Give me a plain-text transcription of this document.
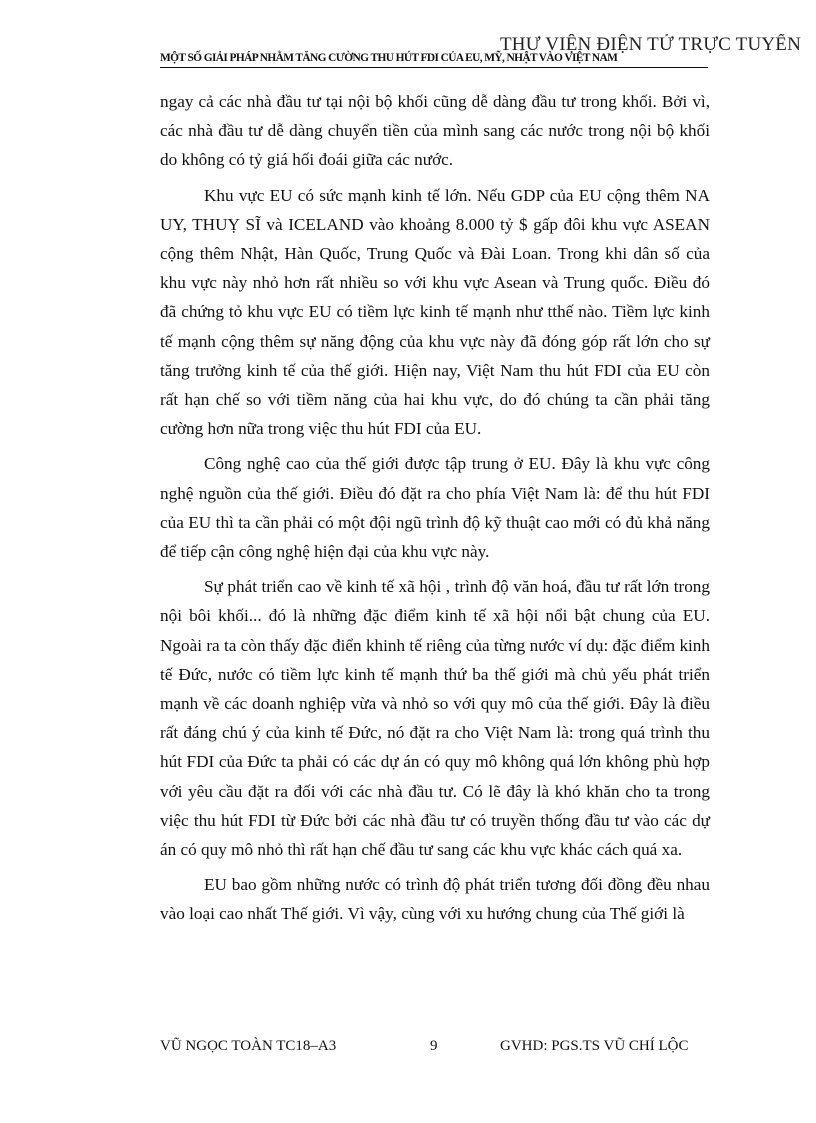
THƯ VIỆN ĐIỆN TỬ TRỰC TUYẾN
MỘT SỐ GIẢI PHÁP NHẰM TĂNG CƯỜNG THU HÚT FDI CỦA EU, MỸ, NHẬT VÀO VIỆT NAM

ngay cả các nhà đầu tư tại nội bộ khối cũng dễ dàng đầu tư trong khối. Bởi vì, các nhà đầu tư dễ dàng chuyển tiền của mình sang các nước trong nội bộ khối do không có tỷ giá hối đoái giữa các nước.

Khu vực EU có sức mạnh kinh tế lớn. Nếu GDP của EU cộng thêm NA UY, THUỴ SĨ và ICELAND vào khoảng 8.000 tỷ $ gấp đôi khu vực ASEAN cộng thêm Nhật, Hàn Quốc, Trung Quốc và Đài Loan. Trong khi dân số của khu vực này nhỏ hơn rất nhiều so với khu vực Asean và Trung quốc. Điều đó đã chứng tỏ khu vực EU có tiềm lực kinh tế mạnh như tthế nào. Tiềm lực kinh tế mạnh cộng thêm sự năng động của khu vực này đã đóng góp rất lớn cho sự tăng trưởng kinh tế của thế giới. Hiện nay, Việt Nam thu hút FDI của EU còn rất hạn chế so với tiềm năng của hai khu vực, do đó chúng ta cần phải tăng cường hơn nữa trong việc thu hút FDI của EU.

Công nghệ cao của thế giới được tập trung ở EU. Đây là khu vực công nghệ nguồn của thế giới. Điều đó đặt ra cho phía Việt Nam là: để thu hút FDI của EU thì ta cần phải có một đội ngũ trình độ kỹ thuật cao mới có đủ khả năng để tiếp cận công nghệ hiện đại của khu vực này.

Sự phát triển cao về kinh tế xã hội , trình độ văn hoá, đầu tư rất lớn trong nội bôi khối... đó là những đặc điểm kinh tế xã hội nổi bật chung của EU. Ngoài ra ta còn thấy đặc điển khinh tế riêng của từng nước ví dụ: đặc điểm kinh tế Đức, nước có tiềm lực kinh tế mạnh thứ ba thế giới mà chủ yếu phát triển mạnh về các doanh nghiệp vừa và nhỏ so với quy mô của thế giới. Đây là điều rất đáng chú ý của kinh tế Đức, nó đặt ra cho Việt Nam là: trong quá trình thu hút FDI của Đức ta phải có các dự án có quy mô không quá lớn không phù hợp với yêu cầu đặt ra đối với các nhà đầu tư. Có lẽ đây là khó khăn cho ta trong việc thu hút FDI từ Đức bởi các nhà đầu tư có truyền thống đầu tư vào các dự án có quy mô nhỏ thì rất hạn chế đầu tư sang các khu vực khác cách quá xa.

EU bao gồm những nước có trình độ phát triển tương đối đồng đều nhau vào loại cao nhất Thế giới. Vì vậy, cùng với xu hướng chung của Thế giới là

VŨ NGỌC TOÀN TC18–A3	9	GVHD: PGS.TS VŨ CHÍ LỘC
